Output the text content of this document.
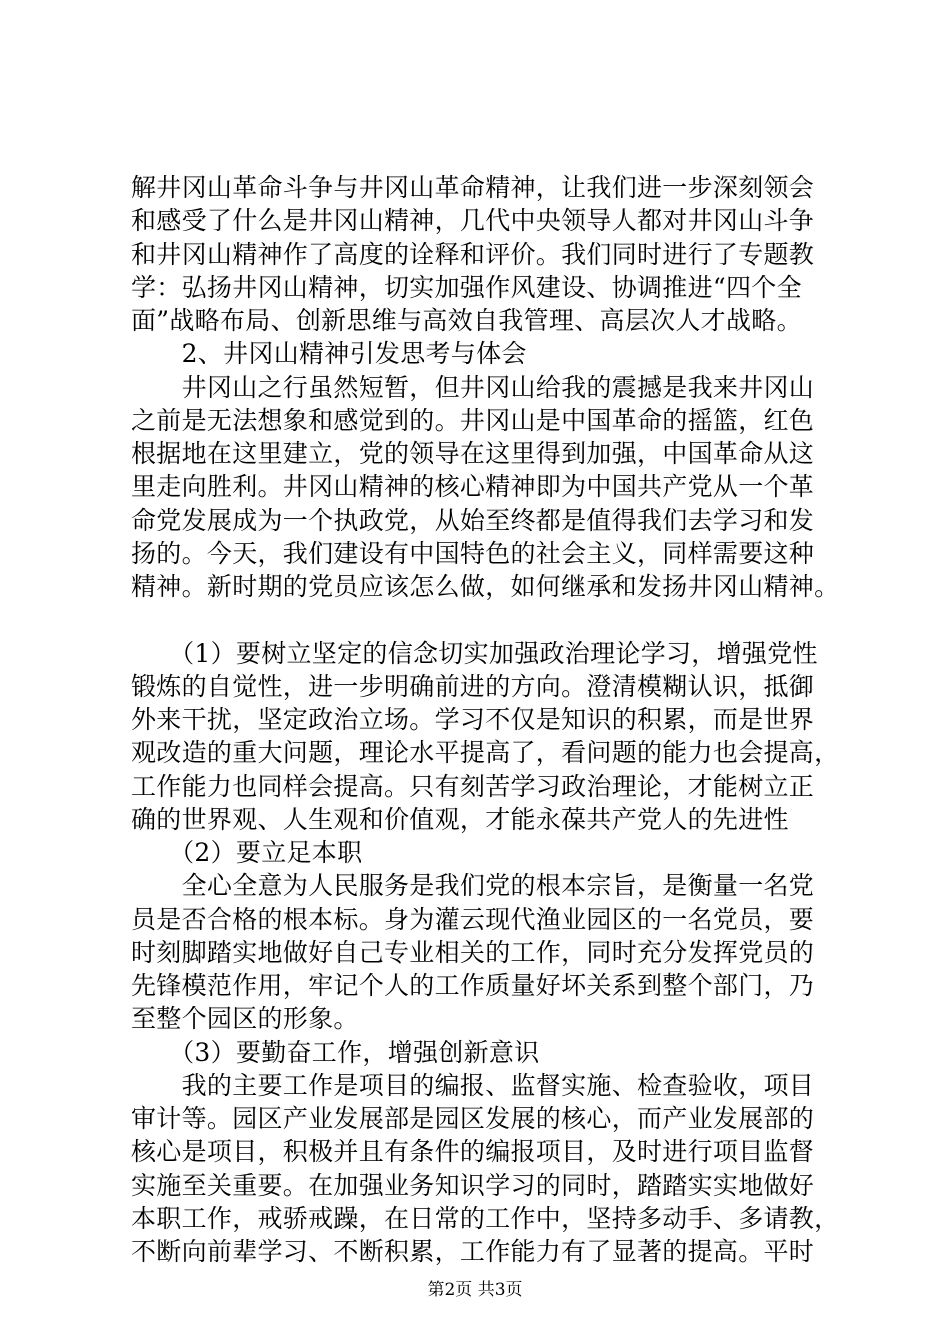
解井冈山革命斗争与井冈山革命精神，让我们进一步深刻领会
和感受了什么是井冈山精神，几代中央领导人都对井冈山斗争
和井冈山精神作了高度的诠释和评价。我们同时进行了专题教
学：弘扬井冈山精神，切实加强作风建设、协调推进“四个全
面”战略布局、创新思维与高效自我管理、高层次人才战略。
　　2、井冈山精神引发思考与体会
　　井冈山之行虽然短暂，但井冈山给我的震撼是我来井冈山
之前是无法想象和感觉到的。井冈山是中国革命的摇篮，红色
根据地在这里建立，党的领导在这里得到加强，中国革命从这
里走向胜利。井冈山精神的核心精神即为中国共产党从一个革
命党发展成为一个执政党，从始至终都是值得我们去学习和发
扬的。今天，我们建设有中国特色的社会主义，同样需要这种
精神。新时期的党员应该怎么做，如何继承和发扬井冈山精神。
　　（1）要树立坚定的信念切实加强政治理论学习，增强党性
锻炼的自觉性，进一步明确前进的方向。澄清模糊认识，抵御
外来干扰，坚定政治立场。学习不仅是知识的积累，而是世界
观改造的重大问题，理论水平提高了，看问题的能力也会提高，
工作能力也同样会提高。只有刻苦学习政治理论，才能树立正
确的世界观、人生观和价值观，才能永葆共产党人的先进性
　　（2）要立足本职
　　全心全意为人民服务是我们党的根本宗旨，是衡量一名党
员是否合格的根本标。身为灌云现代渔业园区的一名党员，要
时刻脚踏实地做好自己专业相关的工作，同时充分发挥党员的
先锋模范作用，牢记个人的工作质量好坏关系到整个部门，乃
至整个园区的形象。
　　（3）要勤奋工作，增强创新意识
　　我的主要工作是项目的编报、监督实施、检查验收，项目
审计等。园区产业发展部是园区发展的核心，而产业发展部的
核心是项目，积极并且有条件的编报项目，及时进行项目监督
实施至关重要。在加强业务知识学习的同时，踏踏实实地做好
本职工作，戒骄戒躁，在日常的工作中，坚持多动手、多请教，
不断向前辈学习、不断积累，工作能力有了显著的提高。平时
第2页 共3页
